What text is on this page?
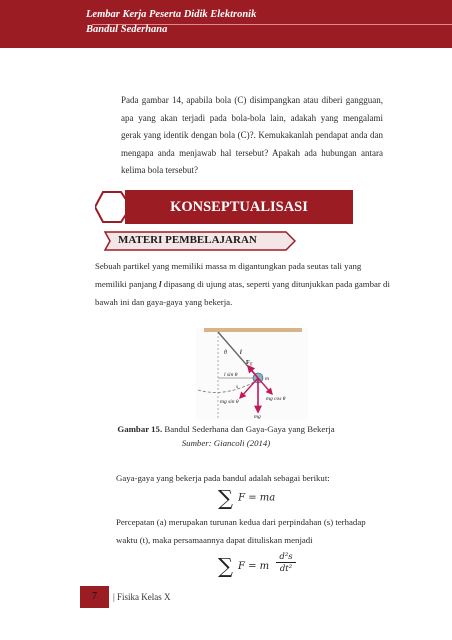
Lembar Kerja Peserta Didik Elektronik
Bandul Sederhana
Pada gambar 14, apabila bola (C) disimpangkan atau diberi gangguan, apa yang akan terjadi pada bola-bola lain, adakah yang mengalami gerak yang identik dengan bola (C)?. Kemukakanlah pendapat anda dan mengapa anda menjawab hal tersebut? Apakah ada hubungan antara kelima bola tersebut?
KONSEPTUALISASI
MATERI PEMBELAJARAN
Sebuah partikel yang memiliki massa m digantungkan pada seutas tali yang memiliki panjang l dipasang di ujung atas, seperti yang ditunjukkan pada gambar di bawah ini dan gaya-gaya yang bekerja.
θ l
$F_T$
l sin θ
m
s
mg sin θ	mg cos θ
mg
Gambar 15. Bandul Sederhana dan Gaya-Gaya yang Bekerja
Sumber: Giancoli (2014)
Gaya-gaya yang bekerja pada bandul adalah sebagai berikut:
∑ F = ma
Percepatan (a) merupakan turunan kedua dari perpindahan (s) terhadap waktu (t), maka persamaannya dapat dituliskan menjadi
∑ F = m
d²s
dt²
7	| Fisika Kelas X
